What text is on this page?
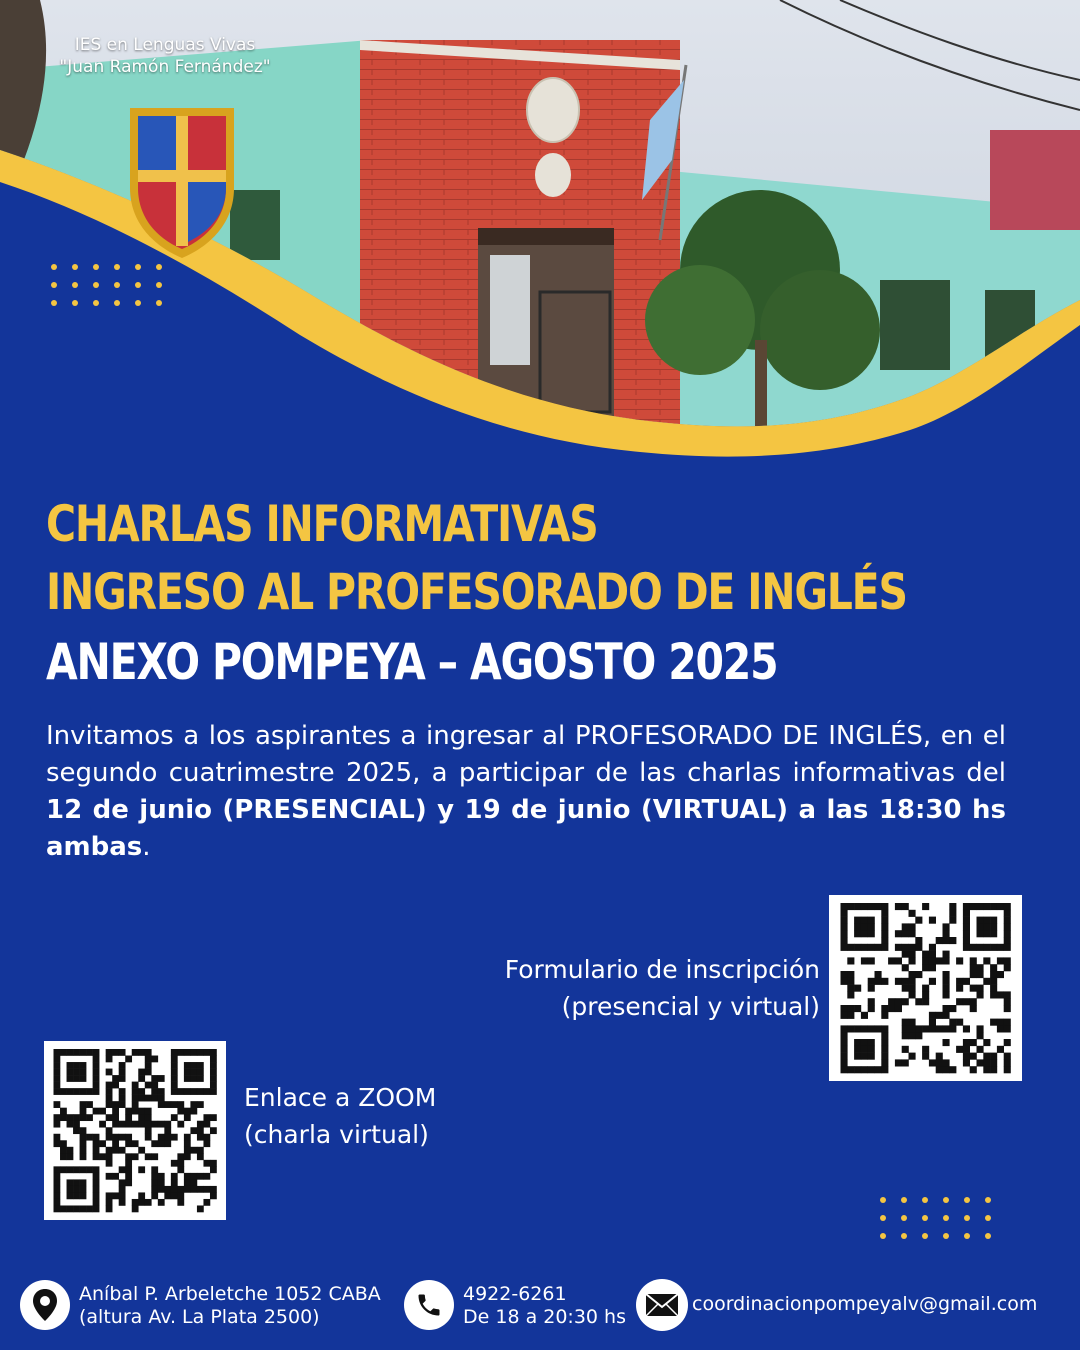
IES en Lenguas Vivas
"Juan Ramón Fernández"
CHARLAS INFORMATIVAS
INGRESO AL PROFESORADO DE INGLÉS
ANEXO POMPEYA – AGOSTO 2025
Invitamos a los aspirantes a ingresar al PROFESORADO DE INGLÉS, en el segundo cuatrimestre 2025, a participar de las charlas informativas del 12 de junio (PRESENCIAL) y 19 de junio (VIRTUAL) a las 18:30 hs ambas.
Formulario de inscripción
(presencial y virtual)
Enlace a ZOOM
(charla virtual)
Aníbal P. Arbeletche 1052 CABA
(altura Av. La Plata 2500)
4922-6261
De 18 a 20:30 hs
coordinacionpompeyalv@gmail.com
